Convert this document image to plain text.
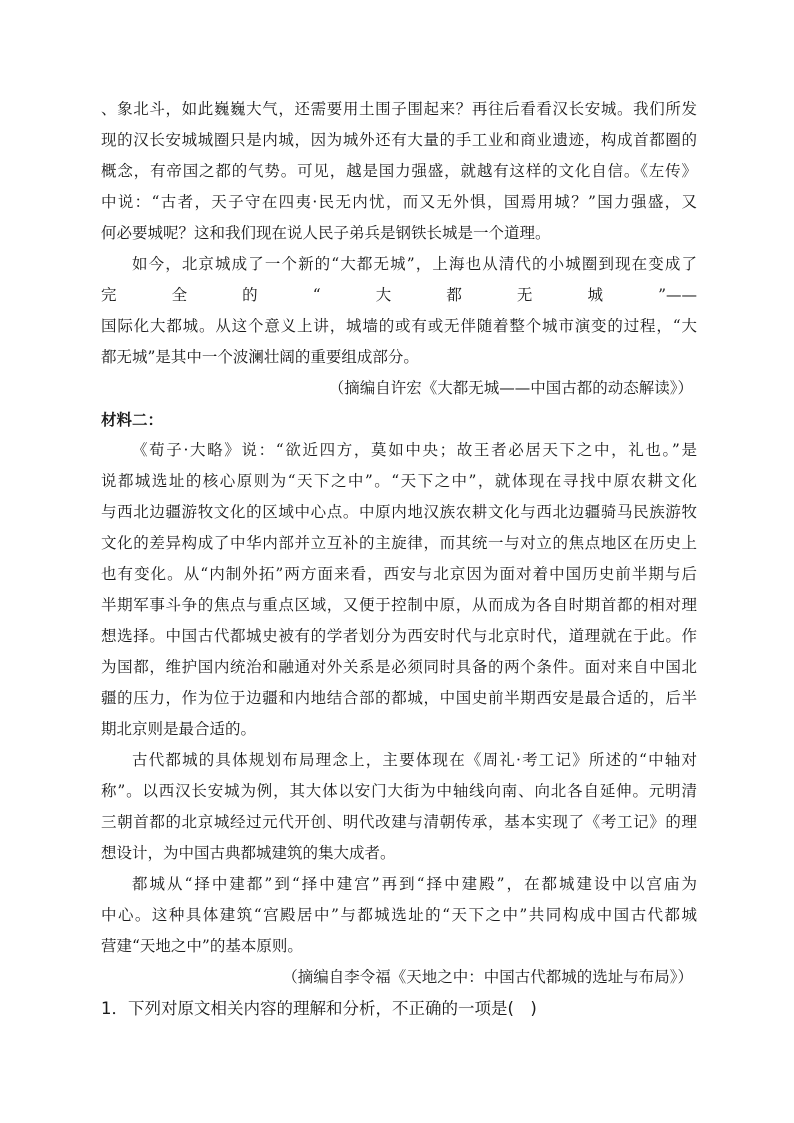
、象北斗，如此巍巍大气，还需要用土围子围起来？再往后看看汉长安城。我们所发
现的汉长安城城圈只是内城，因为城外还有大量的手工业和商业遗迹，构成首都圈的
概念，有帝国之都的气势。可见，越是国力强盛，就越有这样的文化自信。《左传》
中说：“古者，天子守在四夷·民无内忧，而又无外惧，国焉用城？”国力强盛，又
何必要城呢？这和我们现在说人民子弟兵是钢铁长城是一个道理。
如今，北京城成了一个新的“大都无城”，上海也从清代的小城圈到现在变成了
完　　全　　的　　“　　大　　都　　无　　城　　”——
国际化大都城。从这个意义上讲，城墙的或有或无伴随着整个城市演变的过程，“大
都无城”是其中一个波澜壮阔的重要组成部分。
（摘编自许宏《大都无城——中国古都的动态解读》）
材料二：
《荀子·大略》说：“欲近四方，莫如中央；故王者必居天下之中，礼也。”是
说都城选址的核心原则为“天下之中”。“天下之中”，就体现在寻找中原农耕文化
与西北边疆游牧文化的区域中心点。中原内地汉族农耕文化与西北边疆骑马民族游牧
文化的差异构成了中华内部并立互补的主旋律，而其统一与对立的焦点地区在历史上
也有变化。从“内制外拓”两方面来看，西安与北京因为面对着中国历史前半期与后
半期军事斗争的焦点与重点区域，又便于控制中原，从而成为各自时期首都的相对理
想选择。中国古代都城史被有的学者划分为西安时代与北京时代，道理就在于此。作
为国都，维护国内统治和融通对外关系是必须同时具备的两个条件。面对来自中国北
疆的压力，作为位于边疆和内地结合部的都城，中国史前半期西安是最合适的，后半
期北京则是最合适的。
古代都城的具体规划布局理念上，主要体现在《周礼·考工记》所述的“中轴对
称”。以西汉长安城为例，其大体以安门大街为中轴线向南、向北各自延伸。元明清
三朝首都的北京城经过元代开创、明代改建与清朝传承，基本实现了《考工记》的理
想设计，为中国古典都城建筑的集大成者。
都城从“择中建都”到“择中建宫”再到“择中建殿”，在都城建设中以宫庙为
中心。这种具体建筑“宫殿居中”与都城选址的“天下之中”共同构成中国古代都城
营建“天地之中”的基本原则。
（摘编自李令福《天地之中：中国古代都城的选址与布局》）
1．下列对原文相关内容的理解和分析，不正确的一项是(　)
